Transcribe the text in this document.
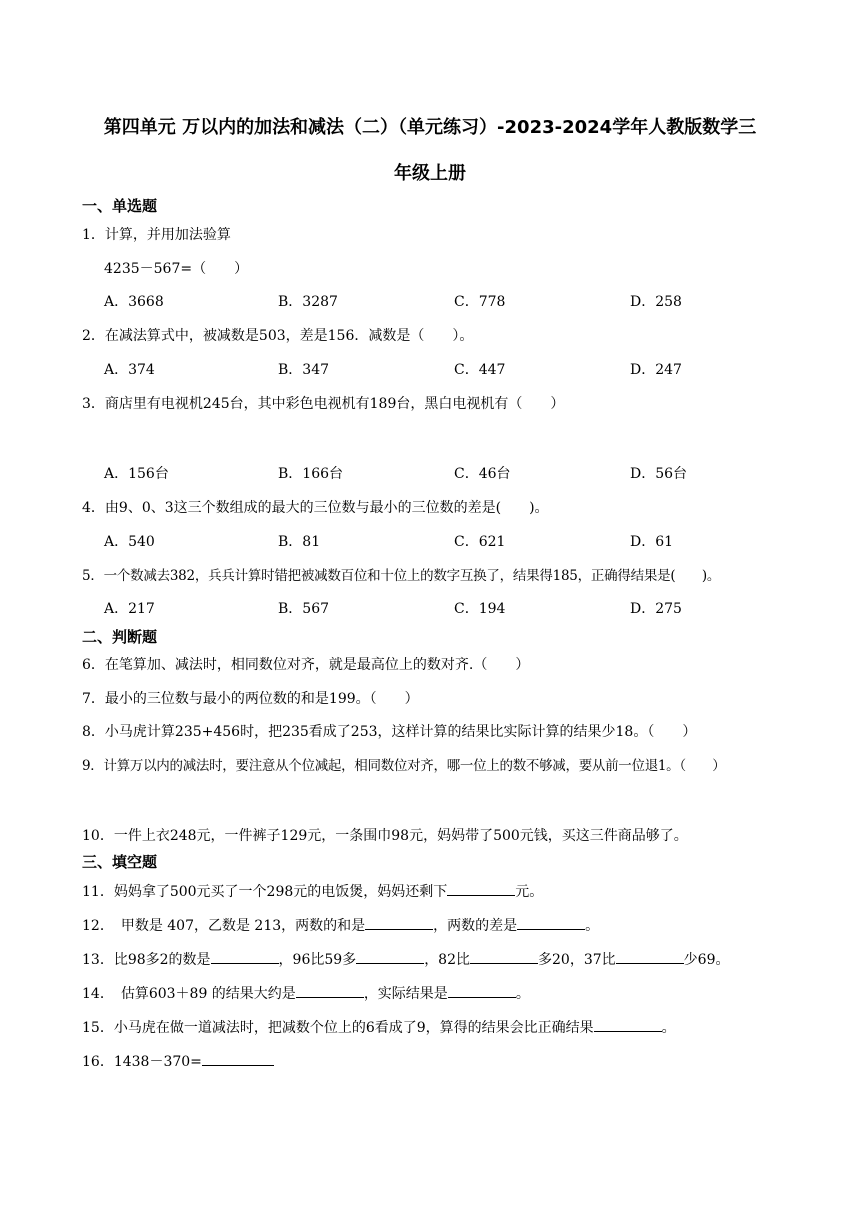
第四单元 万以内的加法和减法（二）（单元练习）-2023-2024学年人教版数学三
年级上册
一、单选题
1．计算，并用加法验算
4235－567=（　　）
A．3668	B．3287	C．778	D．258
2．在减法算式中，被减数是503，差是156．减数是（　　）。
A．374	B．347	C．447	D．247
3．商店里有电视机245台，其中彩色电视机有189台，黑白电视机有（　　）
A．156台	B．166台	C．46台	D．56台
4．由9、0、3这三个数组成的最大的三位数与最小的三位数的差是(　　)。
A．540	B．81	C．621	D．61
5．一个数减去382，兵兵计算时错把被减数百位和十位上的数字互换了，结果得185，正确得结果是(　　)。
A．217	B．567	C．194	D．275
二、判断题
6．在笔算加、减法时，相同数位对齐，就是最高位上的数对齐.（　　）
7．最小的三位数与最小的两位数的和是199。（　　）
8．小马虎计算235+456时，把235看成了253，这样计算的结果比实际计算的结果少18。（　　）
9．计算万以内的减法时，要注意从个位减起，相同数位对齐，哪一位上的数不够减，要从前一位退1。（　　）
10．一件上衣248元，一件裤子129元，一条围巾98元，妈妈带了500元钱，买这三件商品够了。
三、填空题
11．妈妈拿了500元买了一个298元的电饭煲，妈妈还剩下	元。
12．　甲数是 407，乙数是 213，两数的和是	，两数的差是	。
13．比98多2的数是	，96比59多	，82比	多20，37比	少69。
14．　估算603＋89 的结果大约是	，实际结果是	。
15．小马虎在做一道减法时，把减数个位上的6看成了9，算得的结果会比正确结果	。
16．1438－370=
